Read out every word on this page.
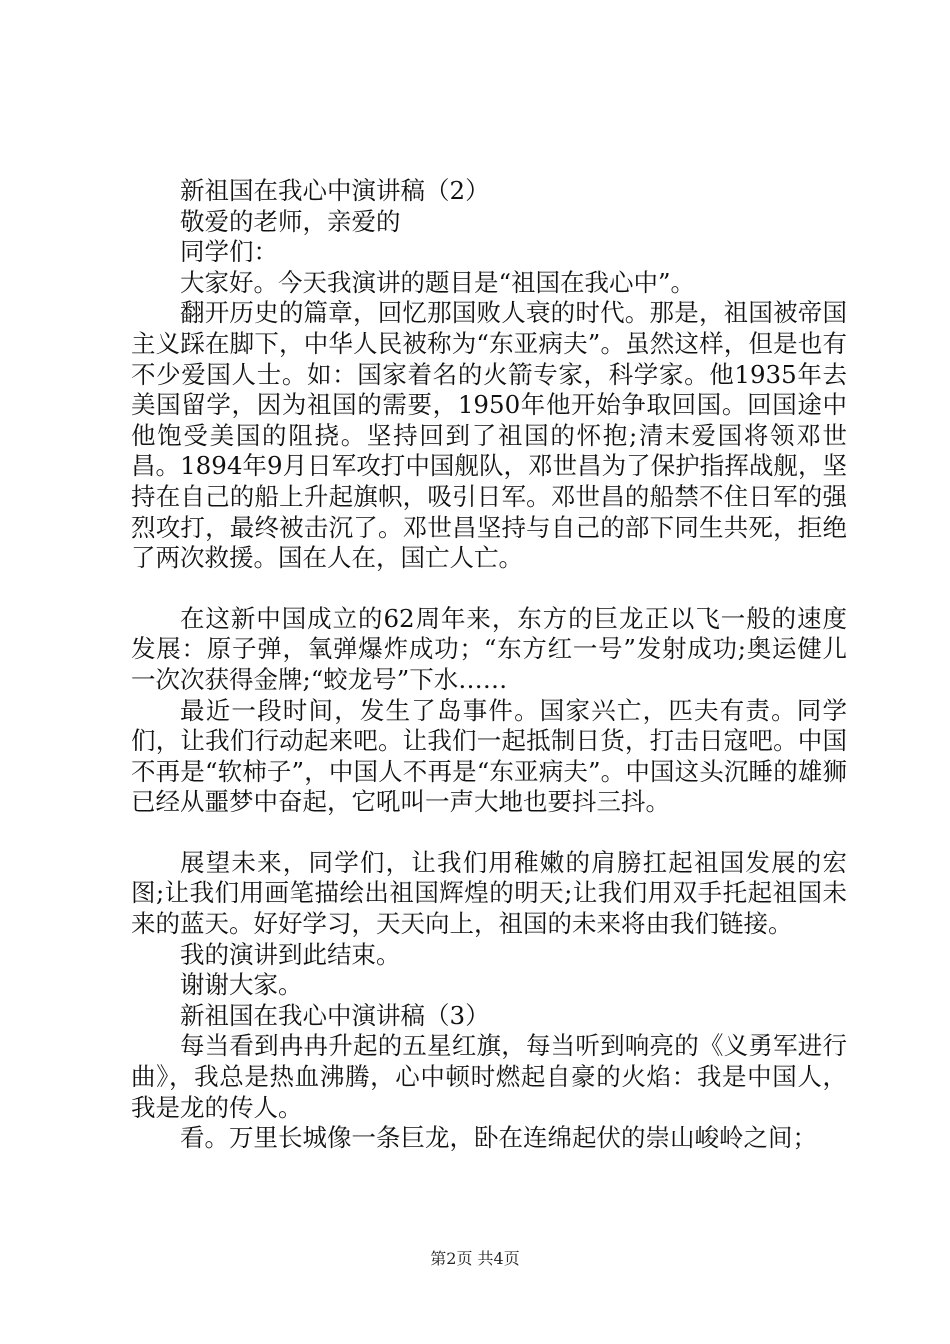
新祖国在我心中演讲稿（2）

敬爱的老师，亲爱的

同学们：

大家好。今天我演讲的题目是“祖国在我心中”。

翻开历史的篇章，回忆那国败人衰的时代。那是，祖国被帝国主义踩在脚下，中华人民被称为“东亚病夫”。虽然这样，但是也有不少爱国人士。如：国家着名的火箭专家，科学家。他1935年去美国留学，因为祖国的需要，1950年他开始争取回国。回国途中他饱受美国的阻挠。坚持回到了祖国的怀抱;清末爱国将领邓世昌。1894年9月日军攻打中国舰队，邓世昌为了保护指挥战舰，坚持在自己的船上升起旗帜，吸引日军。邓世昌的船禁不住日军的强烈攻打，最终被击沉了。邓世昌坚持与自己的部下同生共死，拒绝了两次救援。国在人在，国亡人亡。

在这新中国成立的62周年来，东方的巨龙正以飞一般的速度发展：原子弹，氧弹爆炸成功；“东方红一号”发射成功;奥运健儿一次次获得金牌;“蛟龙号”下水……

最近一段时间，发生了岛事件。国家兴亡，匹夫有责。同学们，让我们行动起来吧。让我们一起抵制日货，打击日寇吧。中国不再是“软柿子”，中国人不再是“东亚病夫”。中国这头沉睡的雄狮已经从噩梦中奋起，它吼叫一声大地也要抖三抖。

展望未来，同学们，让我们用稚嫩的肩膀扛起祖国发展的宏图;让我们用画笔描绘出祖国辉煌的明天;让我们用双手托起祖国未来的蓝天。好好学习，天天向上，祖国的未来将由我们链接。

我的演讲到此结束。

谢谢大家。

新祖国在我心中演讲稿（3）

每当看到冉冉升起的五星红旗，每当听到响亮的《义勇军进行曲》，我总是热血沸腾，心中顿时燃起自豪的火焰：我是中国人，我是龙的传人。

看。万里长城像一条巨龙，卧在连绵起伏的崇山峻岭之间；

第2页 共4页
